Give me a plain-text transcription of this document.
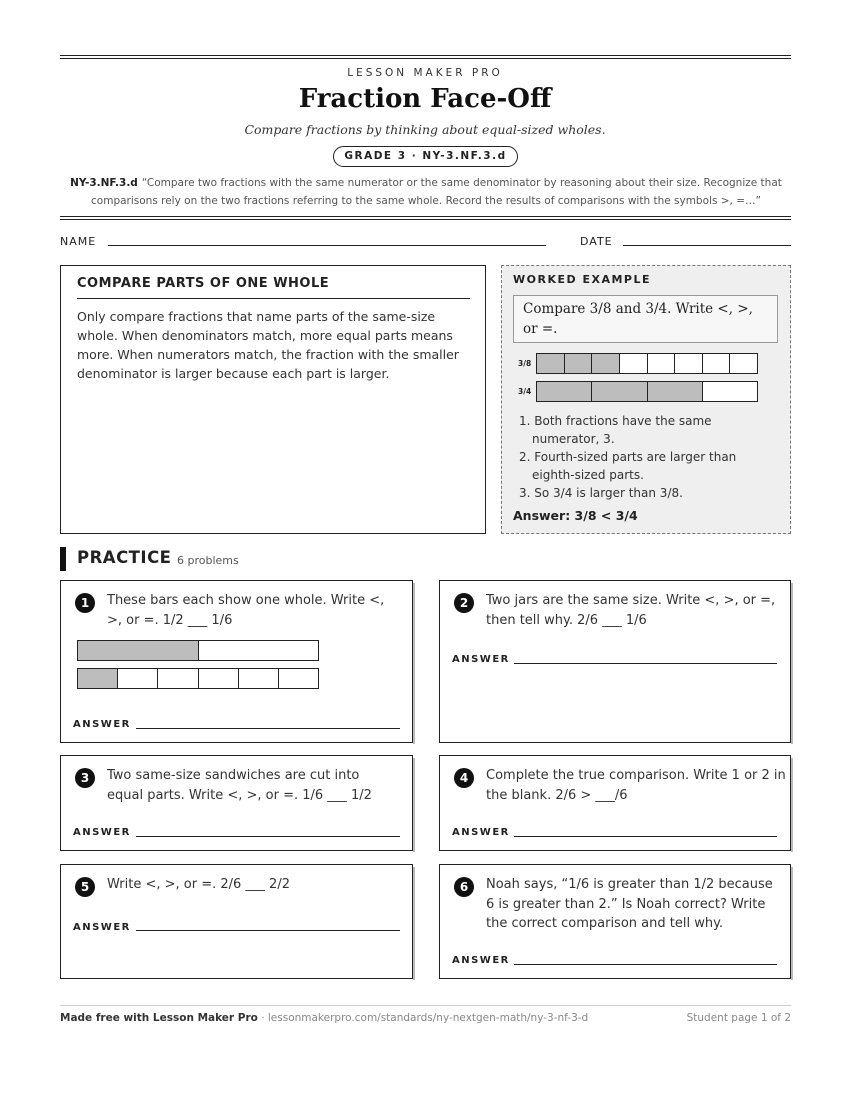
LESSON MAKER PRO
Fraction Face-Off
Compare fractions by thinking about equal-sized wholes.
GRADE 3 · NY-3.NF.3.d
NY-3.NF.3.d “Compare two fractions with the same numerator or the same denominator by reasoning about their size. Recognize that comparisons rely on the two fractions referring to the same whole. Record the results of comparisons with the symbols >, =…”
NAME	DATE
COMPARE PARTS OF ONE WHOLE
Only compare fractions that name parts of the same-size whole. When denominators match, more equal parts means more. When numerators match, the fraction with the smaller denominator is larger because each part is larger.
WORKED EXAMPLE
Compare 3/8 and 3/4. Write <, >, or =.
3/8
3/4
1. Both fractions have the same numerator, 3.
2. Fourth-sized parts are larger than eighth-sized parts.
3. So 3/4 is larger than 3/8.
Answer: 3/8 < 3/4
PRACTICE 6 problems
1	These bars each show one whole. Write <, >, or =. 1/2 ___ 1/6
ANSWER
2	Two jars are the same size. Write <, >, or =, then tell why. 2/6 ___ 1/6
ANSWER
3	Two same-size sandwiches are cut into equal parts. Write <, >, or =. 1/6 ___ 1/2
ANSWER
4	Complete the true comparison. Write 1 or 2 in the blank. 2/6 > ___/6
ANSWER
5	Write <, >, or =. 2/6 ___ 2/2
ANSWER
6	Noah says, “1/6 is greater than 1/2 because 6 is greater than 2.” Is Noah correct? Write the correct comparison and tell why.
ANSWER
Made free with Lesson Maker Pro · lessonmakerpro.com/standards/ny-nextgen-math/ny-3-nf-3-d	Student page 1 of 2
